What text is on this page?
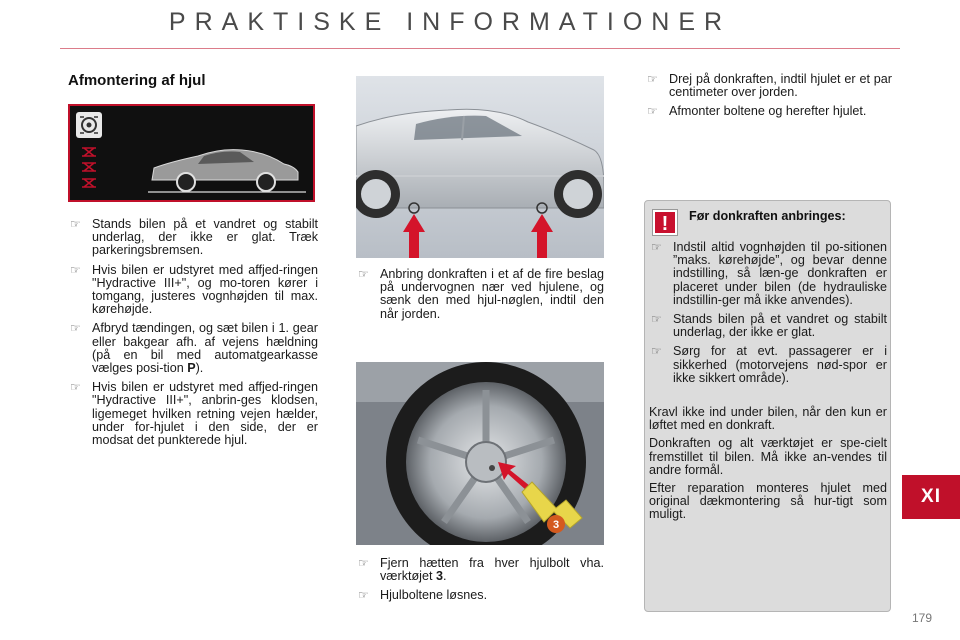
PRAKTISKE INFORMATIONER
Afmontering af hjul
☞ Stands bilen på et vandret og stabilt underlag, der ikke er glat. Træk parkeringsbremsen.
☞ Hvis bilen er udstyret med affjed-ringen "Hydractive III+", og mo-toren kører i tomgang, justeres vognhøjden til max. kørehøjde.
☞ Afbryd tændingen, og sæt bilen i 1. gear eller bakgear afh. af vejens hældning (på en bil med automatgearkasse vælges posi-tion P).
☞ Hvis bilen er udstyret med affjed-ringen "Hydractive III+", anbrin-ges klodsen, ligemeget hvilken retning vejen hælder, under for-hjulet i den side, der er modsat det punkterede hjul.
☞ Anbring donkraften i et af de fire beslag på undervognen nær ved hjulene, og sænk den med hjul-nøglen, indtil den når jorden.
3
☞ Fjern hætten fra hver hjulbolt vha. værktøjet 3.
☞ Hjulboltene løsnes.
☞ Drej på donkraften, indtil hjulet er et par centimeter over jorden.
☞ Afmonter boltene og herefter hjulet.
!	Før donkraften anbringes:
☞ Indstil altid vognhøjden til po-sitionen ”maks. kørehøjde”, og bevar denne indstilling, så læn-ge donkraften er placeret under bilen (de hydrauliske indstillin-ger må ikke anvendes).
☞ Stands bilen på et vandret og stabilt underlag, der ikke er glat.
☞ Sørg for at evt. passagerer er i sikkerhed (motorvejens nød-spor er ikke sikkert område).

Kravl ikke ind under bilen, når den kun er løftet med en donkraft.

Donkraften og alt værktøjet er spe-cielt fremstillet til bilen. Må ikke an-vendes til andre formål.

Efter reparation monteres hjulet med original dækmontering så hur-tigt som muligt.

XI
179
